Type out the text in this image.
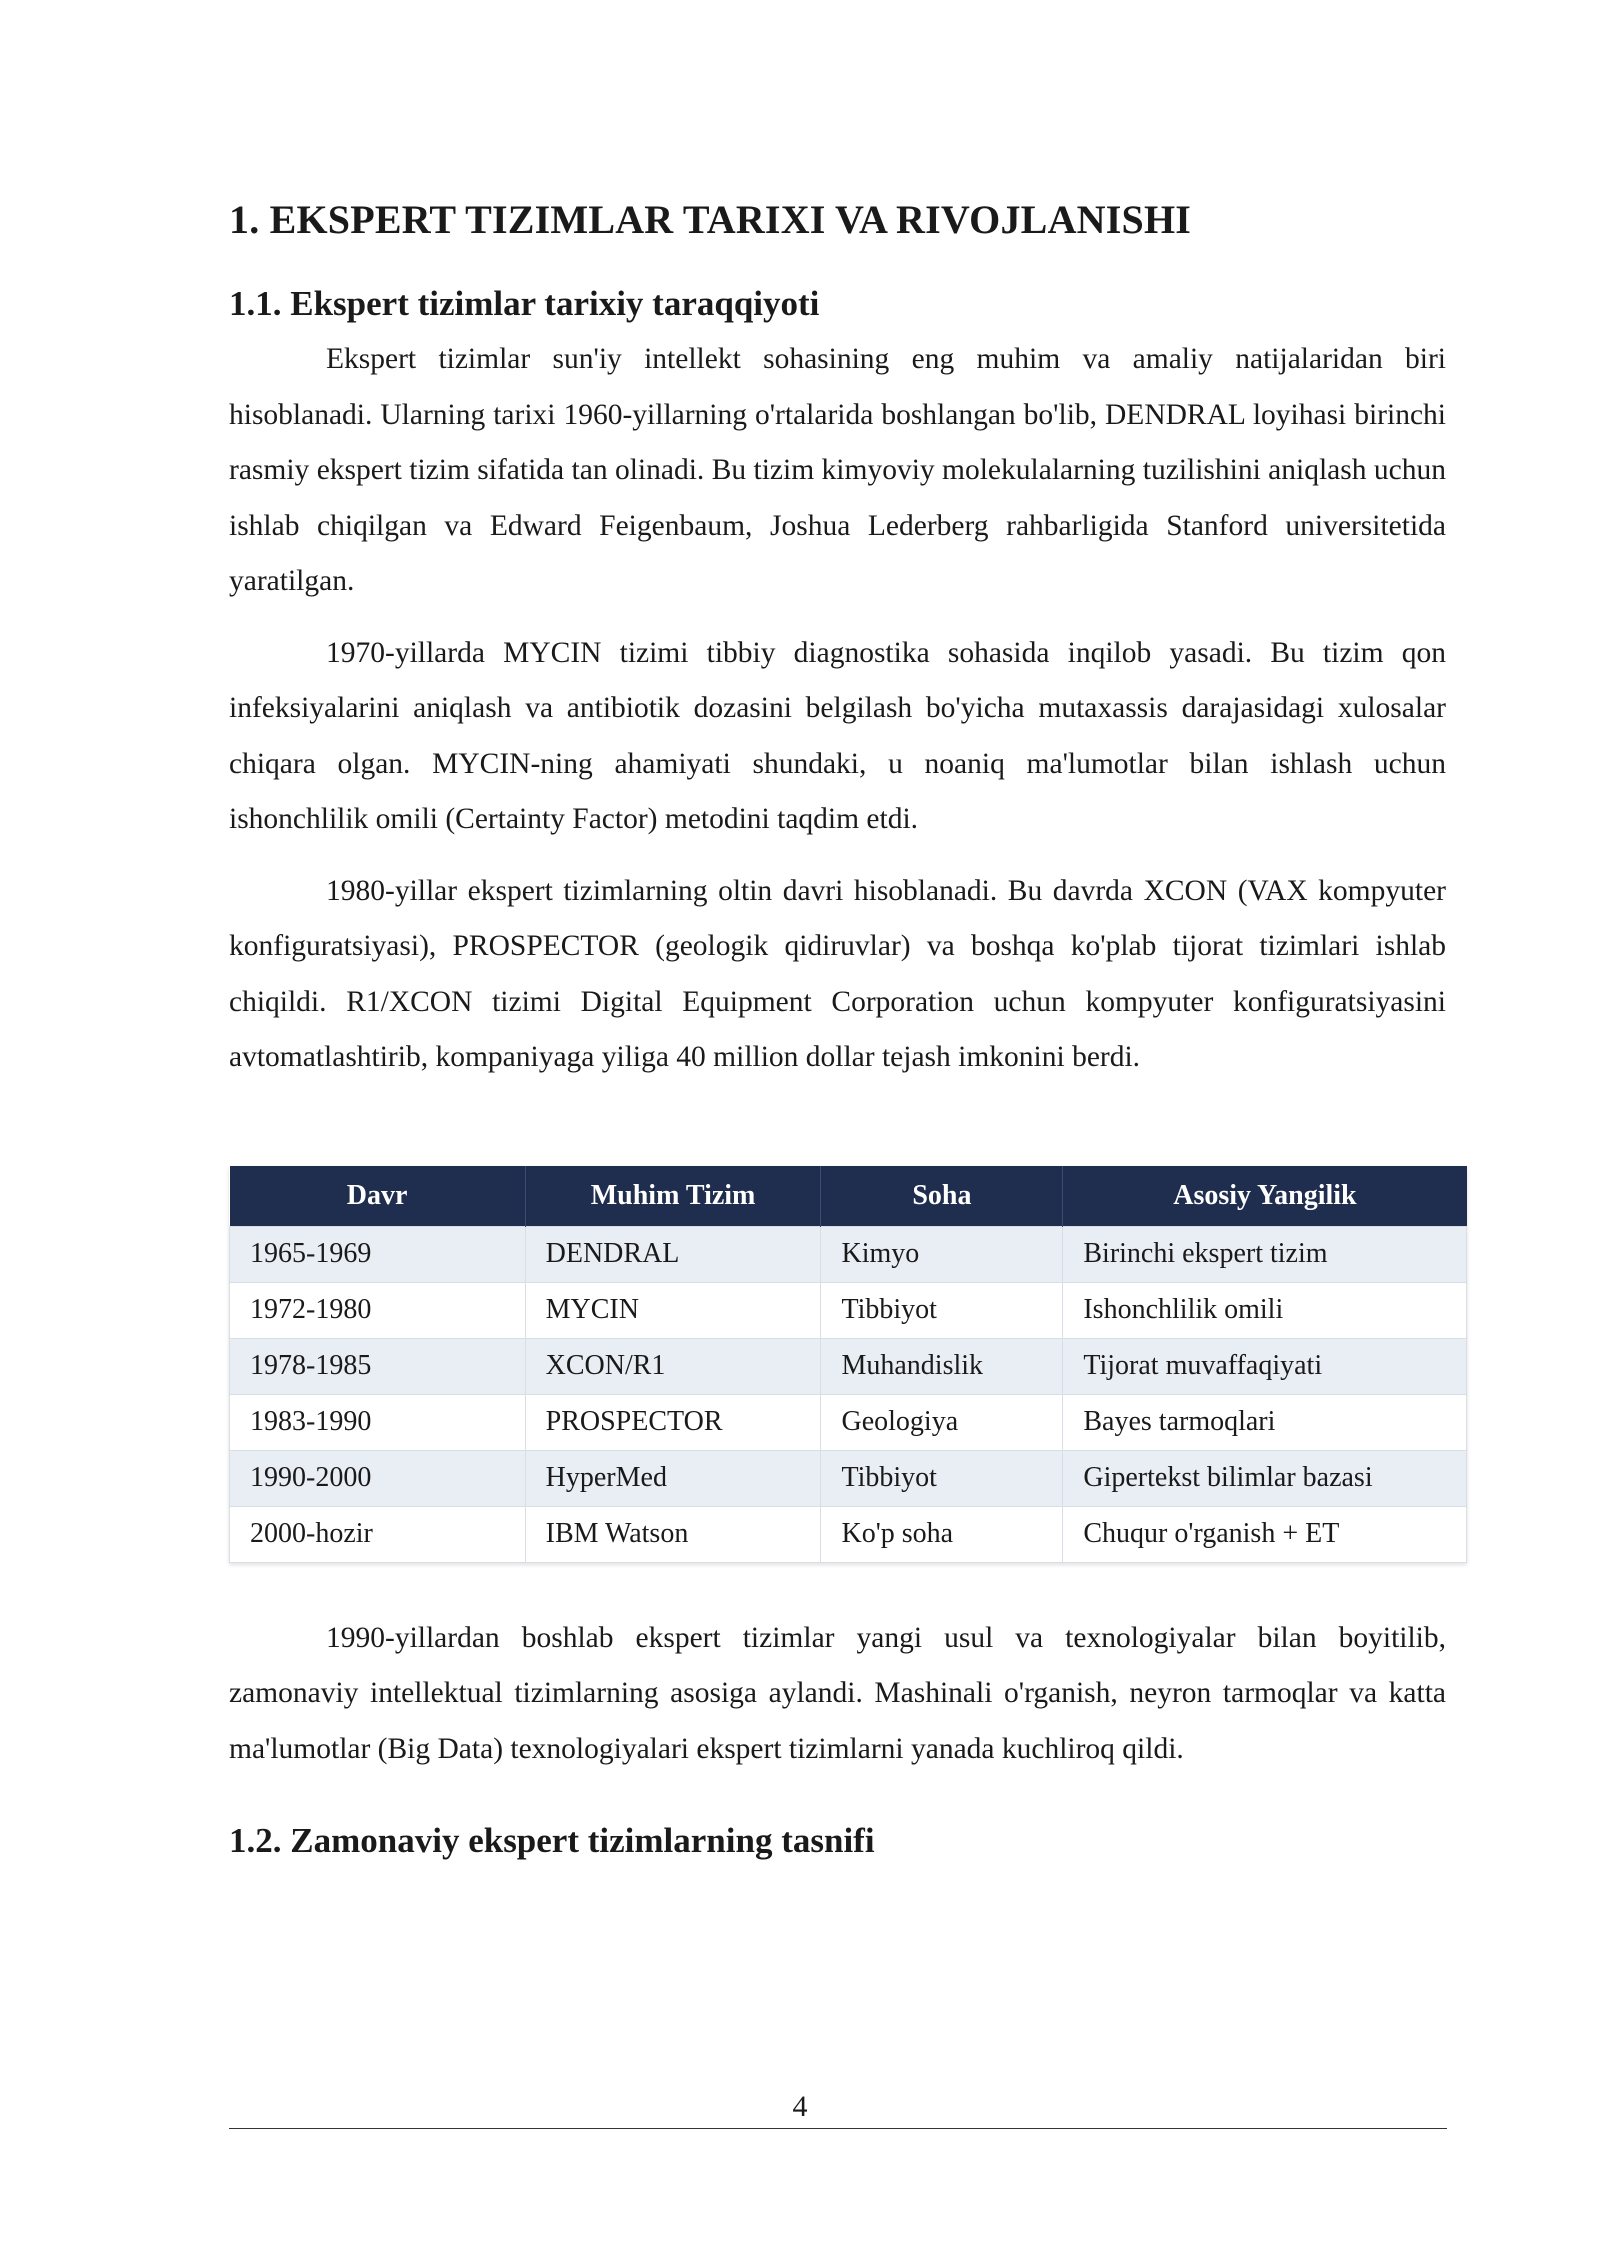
1. EKSPERT TIZIMLAR TARIXI VA RIVOJLANISHI
1.1. Ekspert tizimlar tarixiy taraqqiyoti

Ekspert tizimlar sun'iy intellekt sohasining eng muhim va amaliy natijalaridan biri hisoblanadi. Ularning tarixi 1960-yillarning o'rtalarida boshlangan bo'lib, DENDRAL loyihasi birinchi rasmiy ekspert tizim sifatida tan olinadi. Bu tizim kimyoviy molekulalarning tuzilishini aniqlash uchun ishlab chiqilgan va Edward Feigenbaum, Joshua Lederberg rahbarligida Stanford universitetida yaratilgan.

1970-yillarda MYCIN tizimi tibbiy diagnostika sohasida inqilob yasadi. Bu tizim qon infeksiyalarini aniqlash va antibiotik dozasini belgilash bo'yicha mutaxassis darajasidagi xulosalar chiqara olgan. MYCIN-ning ahamiyati shundaki, u noaniq ma'lumotlar bilan ishlash uchun ishonchlilik omili (Certainty Factor) metodini taqdim etdi.

1980-yillar ekspert tizimlarning oltin davri hisoblanadi. Bu davrda XCON (VAX kompyuter konfiguratsiyasi), PROSPECTOR (geologik qidiruvlar) va boshqa ko'plab tijorat tizimlari ishlab chiqildi. R1/XCON tizimi Digital Equipment Corporation uchun kompyuter konfiguratsiyasini avtomatlashtirib, kompaniyaga yiliga 40 million dollar tejash imkonini berdi.

Davr	Muhim Tizim	Soha	Asosiy Yangilik
1965-1969	DENDRAL	Kimyo	Birinchi ekspert tizim
1972-1980	MYCIN	Tibbiyot	Ishonchlilik omili
1978-1985	XCON/R1	Muhandislik	Tijorat muvaffaqiyati
1983-1990	PROSPECTOR	Geologiya	Bayes tarmoqlari
1990-2000	HyperMed	Tibbiyot	Gipertekst bilimlar bazasi
2000-hozir	IBM Watson	Ko'p soha	Chuqur o'rganish + ET

1990-yillardan boshlab ekspert tizimlar yangi usul va texnologiyalar bilan boyitilib, zamonaviy intellektual tizimlarning asosiga aylandi. Mashinali o'rganish, neyron tarmoqlar va katta ma'lumotlar (Big Data) texnologiyalari ekspert tizimlarni yanada kuchliroq qildi.

1.2. Zamonaviy ekspert tizimlarning tasnifi
4
